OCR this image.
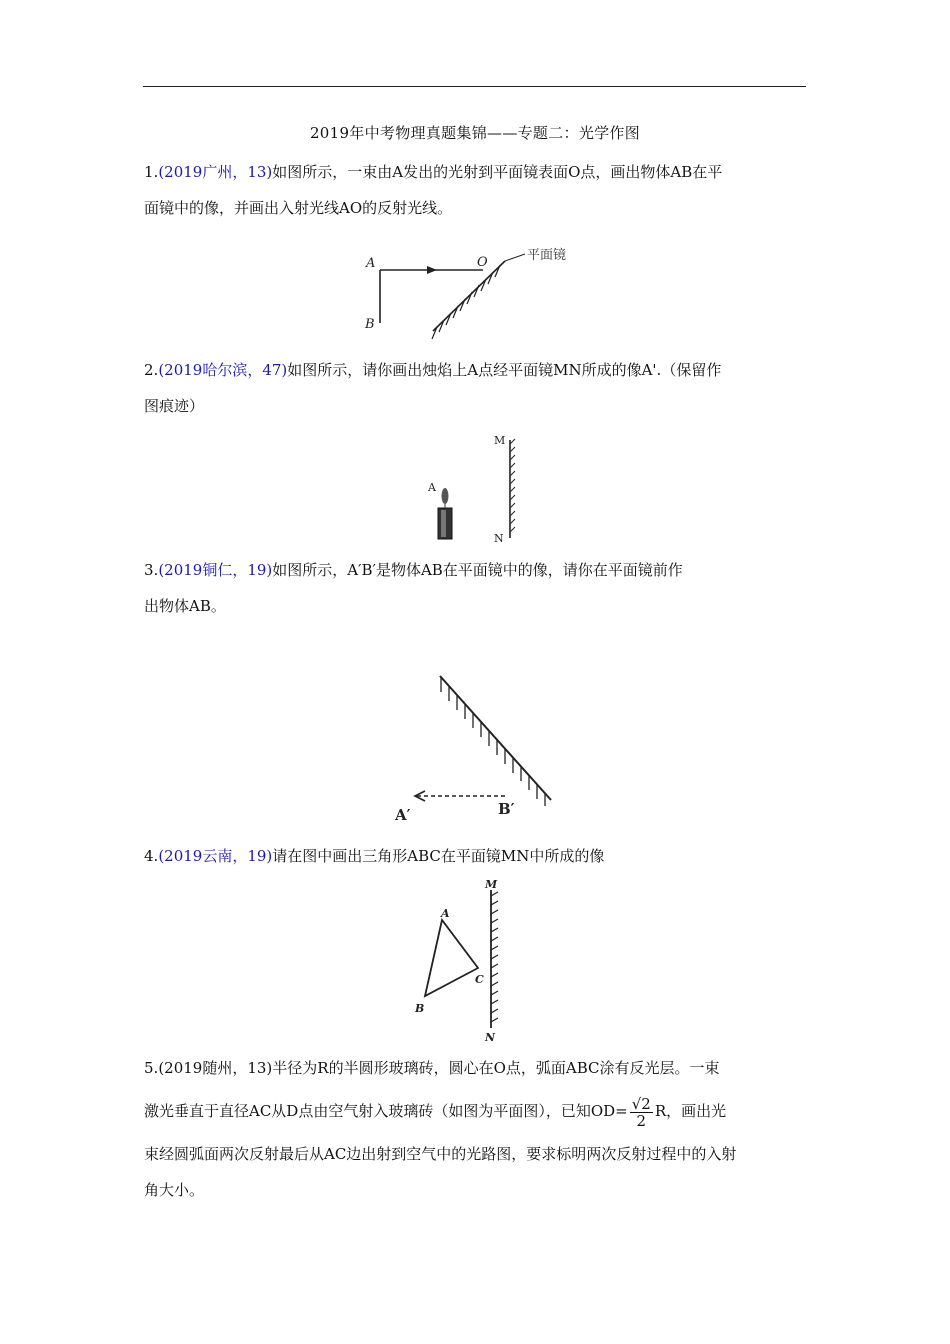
2019年中考物理真题集锦——专题二：光学作图
1.(2019广州，13)如图所示，一束由A发出的光射到平面镜表面O点，画出物体AB在平
面镜中的像，并画出入射光线AO的反射光线。
A
B
O	平面镜
2.(2019哈尔滨，47)如图所示，请你画出烛焰上A点经平面镜MN所成的像A'.（保留作
图痕迹）
A
M
N
3.(2019铜仁，19)如图所示，A′B′是物体AB在平面镜中的像，请你在平面镜前作
出物体AB。
A′	B′
4.(2019云南，19)请在图中画出三角形ABC在平面镜MN中所成的像
A
B
C
M
N
5.(2019随州，13)半径为R的半圆形玻璃砖，圆心在O点，弧面ABC涂有反光层。一束
激光垂直于直径AC从D点由空气射入玻璃砖（如图为平面图），已知$OD= \frac{√2}{2}$ R，画出光
束经圆弧面两次反射最后从AC边出射到空气中的光路图，要求标明两次反射过程中的入射
角大小。
